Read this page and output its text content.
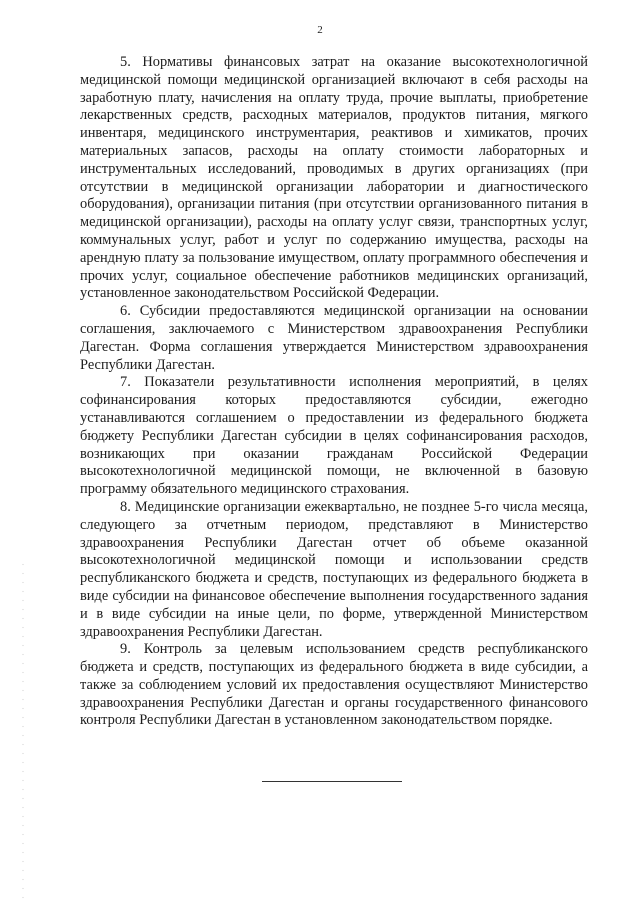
2

5. Нормативы финансовых затрат на оказание высокотехнологичной медицинской помощи медицинской организацией включают в себя расходы на заработную плату, начисления на оплату труда, прочие выплаты, приобретение лекарственных средств, расходных материалов, продуктов питания, мягкого инвентаря, медицинского инструментария, реактивов и химикатов, прочих материальных запасов, расходы на оплату стоимости лабораторных и инструментальных исследований, проводимых в других организациях (при отсутствии в медицинской организации лаборатории и диагностического оборудования), организации питания (при отсутствии организованного питания в медицинской организации), расходы на оплату услуг связи, транспортных услуг, коммунальных услуг, работ и услуг по содержанию имущества, расходы на арендную плату за пользование имуществом, оплату программного обеспечения и прочих услуг, социальное обеспечение работников медицинских организаций, установленное законодательством Российской Федерации.

6. Субсидии предоставляются медицинской организации на основании соглашения, заключаемого с Министерством здравоохранения Республики Дагестан. Форма соглашения утверждается Министерством здравоохранения Республики Дагестан.

7. Показатели результативности исполнения мероприятий, в целях софинансирования которых предоставляются субсидии, ежегодно устанавливаются соглашением о предоставлении из федерального бюджета бюджету Республики Дагестан субсидии в целях софинансирования расходов, возникающих при оказании гражданам Российской Федерации высокотехнологичной медицинской помощи, не включенной в базовую программу обязательного медицинского страхования.

8. Медицинские организации ежеквартально, не позднее 5-го числа месяца, следующего за отчетным периодом, представляют в Министерство здравоохранения Республики Дагестан отчет об объеме оказанной высокотехнологичной медицинской помощи и использовании средств республиканского бюджета и средств, поступающих из федерального бюджета в виде субсидии на финансовое обеспечение выполнения государственного задания и в виде субсидии на иные цели, по форме, утвержденной Министерством здравоохранения Республики Дагестан.

9. Контроль за целевым использованием средств республиканского бюджета и средств, поступающих из федерального бюджета в виде субсидии, а также за соблюдением условий их предоставления осуществляют Министерство здравоохранения Республики Дагестан и органы государственного финансового контроля Республики Дагестан в установленном законодательством порядке.
